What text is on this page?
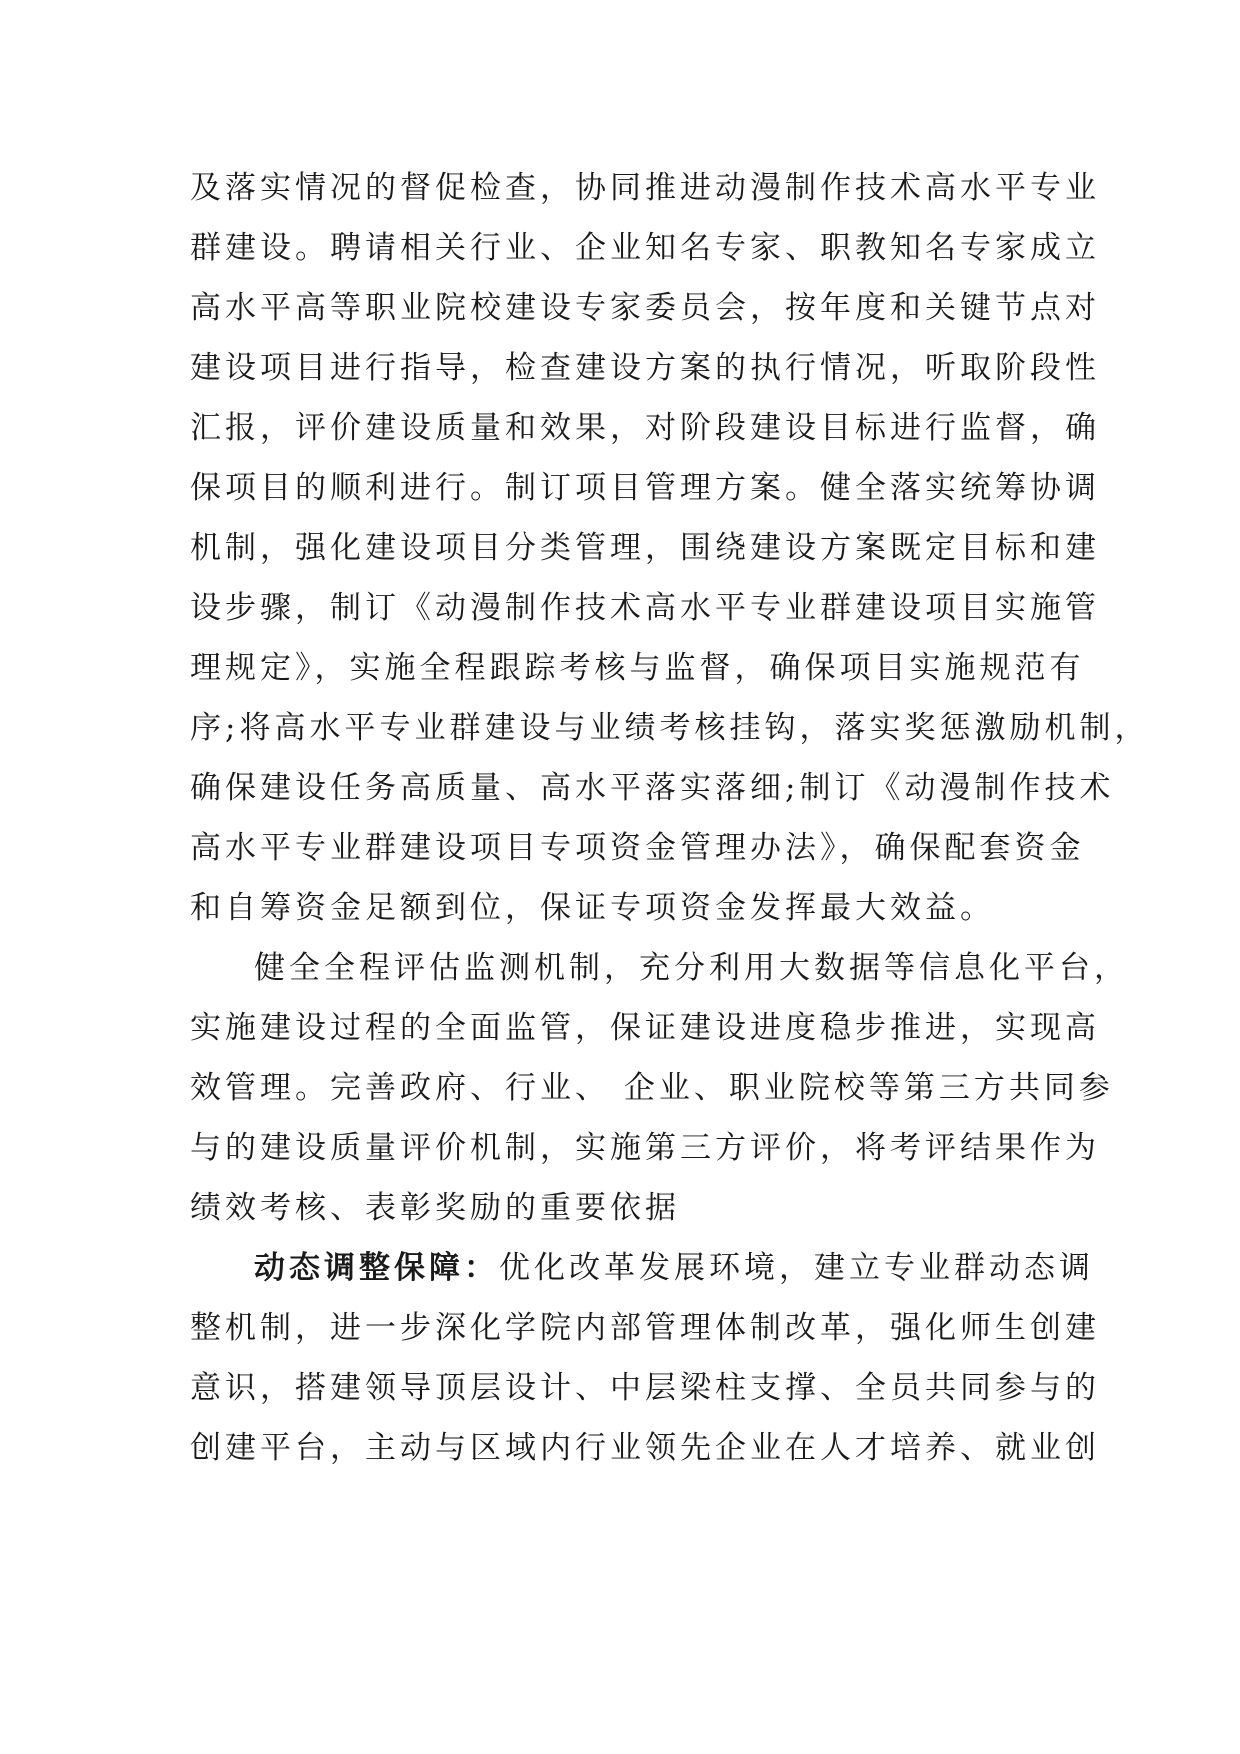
及落实情况的督促检查，协同推进动漫制作技术高水平专业
群建设。聘请相关行业、企业知名专家、职教知名专家成立
高水平高等职业院校建设专家委员会，按年度和关键节点对
建设项目进行指导，检查建设方案的执行情况，听取阶段性
汇报，评价建设质量和效果，对阶段建设目标进行监督，确
保项目的顺利进行。制订项目管理方案。健全落实统筹协调
机制，强化建设项目分类管理，围绕建设方案既定目标和建
设步骤，制订《动漫制作技术高水平专业群建设项目实施管
理规定》，实施全程跟踪考核与监督，确保项目实施规范有
序;将高水平专业群建设与业绩考核挂钩，落实奖惩激励机制，
确保建设任务高质量、高水平落实落细;制订《动漫制作技术
高水平专业群建设项目专项资金管理办法》，确保配套资金
和自筹资金足额到位，保证专项资金发挥最大效益。
健全全程评估监测机制，充分利用大数据等信息化平台，
实施建设过程的全面监管，保证建设进度稳步推进，实现高
效管理。完善政府、行业、 企业、职业院校等第三方共同参
与的建设质量评价机制，实施第三方评价，将考评结果作为
绩效考核、表彰奖励的重要依据
动态调整保障：优化改革发展环境，建立专业群动态调
整机制，进一步深化学院内部管理体制改革，强化师生创建
意识，搭建领导顶层设计、中层梁柱支撑、全员共同参与的
创建平台，主动与区域内行业领先企业在人才培养、就业创
